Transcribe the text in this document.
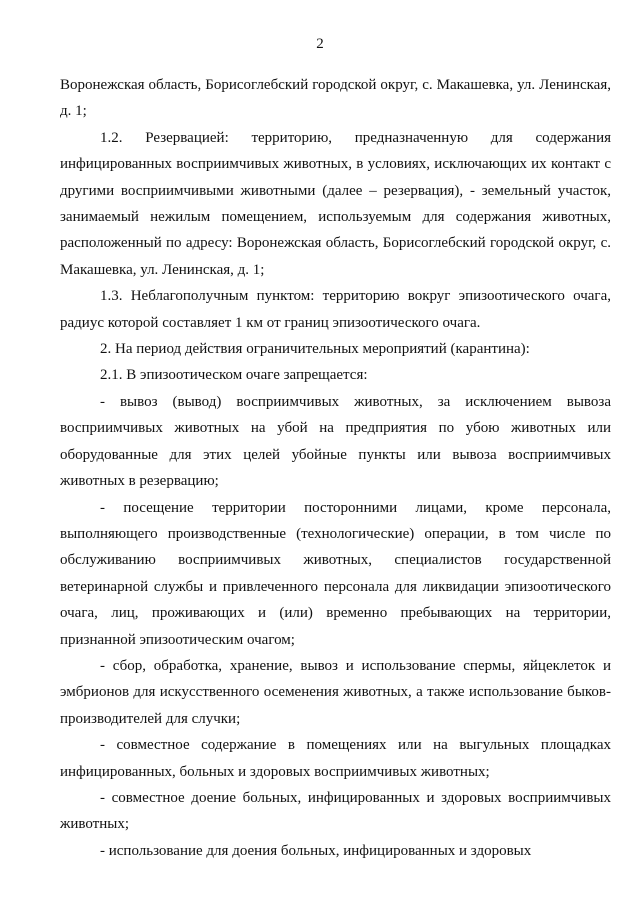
2

Воронежская область, Борисоглебский городской округ, с. Макашевка, ул. Ленинская, д. 1;

1.2. Резервацией: территорию, предназначенную для содержания инфицированных восприимчивых животных, в условиях, исключающих их контакт с другими восприимчивыми животными (далее – резервация), - земельный участок, занимаемый нежилым помещением, используемым для содержания животных, расположенный по адресу: Воронежская область, Борисоглебский городской округ, с. Макашевка, ул. Ленинская, д. 1;

1.3. Неблагополучным пунктом: территорию вокруг эпизоотического очага, радиус которой составляет 1 км от границ эпизоотического очага.

2. На период действия ограничительных мероприятий (карантина):

2.1. В эпизоотическом очаге запрещается:

- вывоз (вывод) восприимчивых животных, за исключением вывоза восприимчивых животных на убой на предприятия по убою животных или оборудованные для этих целей убойные пункты или вывоза восприимчивых животных в резервацию;

- посещение территории посторонними лицами, кроме персонала, выполняющего производственные (технологические) операции, в том числе по обслуживанию восприимчивых животных, специалистов государственной ветеринарной службы и привлеченного персонала для ликвидации эпизоотического очага, лиц, проживающих и (или) временно пребывающих на территории, признанной эпизоотическим очагом;

- сбор, обработка, хранение, вывоз и использование спермы, яйцеклеток и эмбрионов для искусственного осеменения животных, а также использование быков-производителей для случки;

- совместное содержание в помещениях или на выгульных площадках инфицированных, больных и здоровых восприимчивых животных;

- совместное доение больных, инфицированных и здоровых восприимчивых животных;

- использование для доения больных, инфицированных и здоровых
